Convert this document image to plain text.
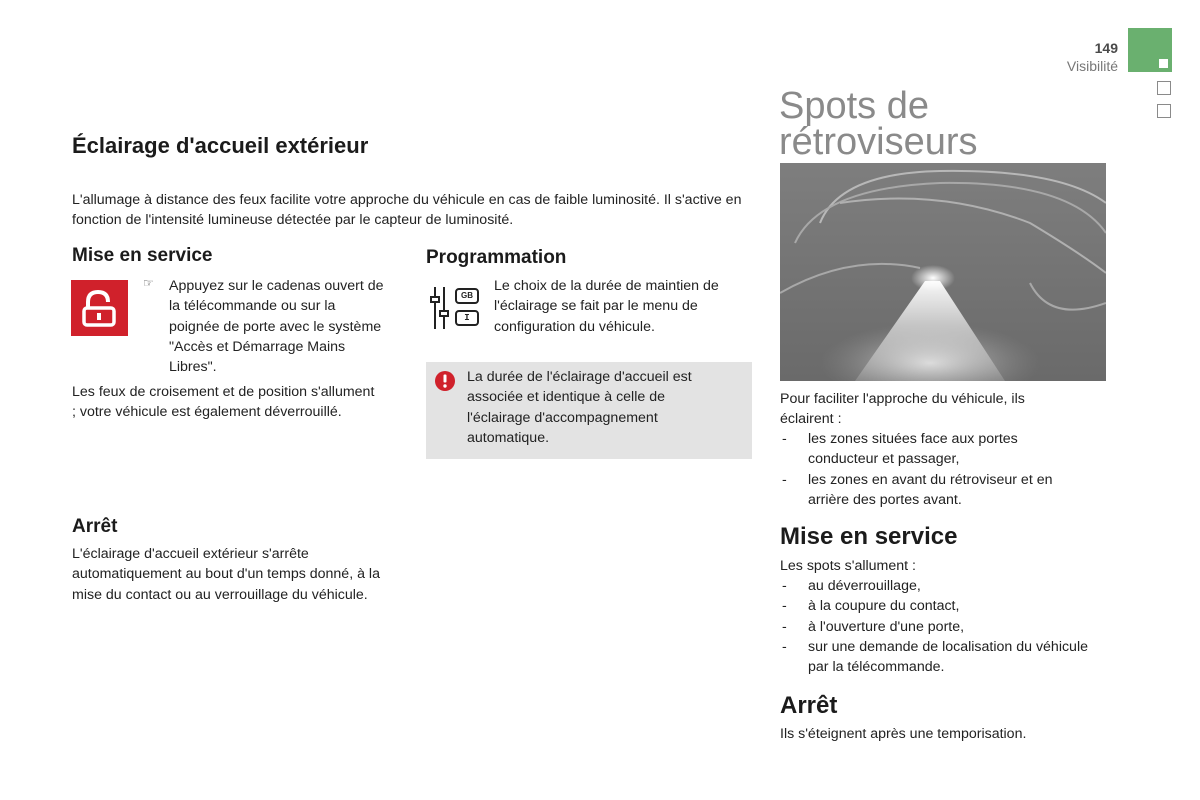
149
Visibilité
Éclairage d'accueil extérieur

L'allumage à distance des feux facilite votre approche du véhicule en cas de faible luminosité. Il s'active en fonction de l'intensité lumineuse détectée par le capteur de luminosité.

Mise en service
☞ Appuyez sur le cadenas ouvert de la télécommande ou sur la poignée de porte avec le système "Accès et Démarrage Mains Libres".

Les feux de croisement et de position s'allument ; votre véhicule est également déverrouillé.

Programmation
GB
I

Le choix de la durée de maintien de l'éclairage se fait par le menu de configuration du véhicule.

La durée de l'éclairage d'accueil est associée et identique à celle de l'éclairage d'accompagnement automatique.

Arrêt

L'éclairage d'accueil extérieur s'arrête automatiquement au bout d'un temps donné, à la mise du contact ou au verrouillage du véhicule.

Spots de
rétroviseurs

Pour faciliter l'approche du véhicule, ils éclairent :

- les zones situées face aux portes conducteur et passager,
- les zones en avant du rétroviseur et en arrière des portes avant.
Mise en service

Les spots s'allument :

- au déverrouillage,
- à la coupure du contact,
- à l'ouverture d'une porte,
- sur une demande de localisation du véhicule par la télécommande.
Arrêt

Ils s'éteignent après une temporisation.
